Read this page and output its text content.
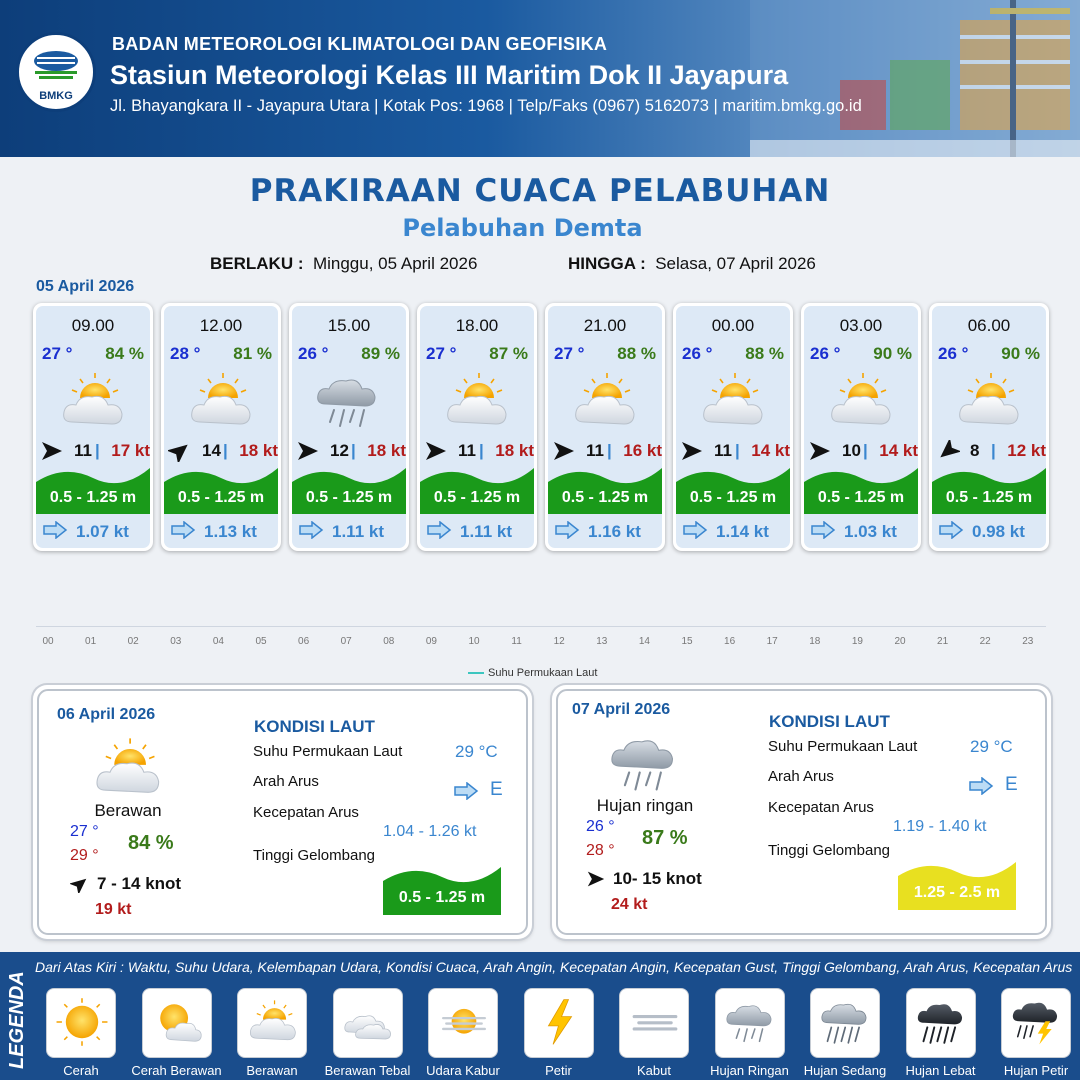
BMKG
BADAN METEOROLOGI KLIMATOLOGI DAN GEOFISIKA
Stasiun Meteorologi Kelas III Maritim Dok II Jayapura
Jl. Bhayangkara II - Jayapura Utara | Kotak Pos: 1968 | Telp/Faks (0967) 5162073 | maritim.bmkg.go.id
PRAKIRAAN CUACA PELABUHAN
Pelabuhan Demta
BERLAKU : Minggu, 05 April 2026	HINGGA : Selasa, 07 April 2026
05 April 2026
09.00
27 ° 84 %
11 | 17 kt
0.5 - 1.25 m
1.07 kt
12.00
28 ° 81 %
14 | 18 kt
0.5 - 1.25 m
1.13 kt
15.00
26 ° 89 %
12 | 18 kt
0.5 - 1.25 m
1.11 kt
18.00
27 ° 87 %
11 | 18 kt
0.5 - 1.25 m
1.11 kt
21.00
27 ° 88 %
11 | 16 kt
0.5 - 1.25 m
1.16 kt
00.00
26 ° 88 %
11 | 14 kt
0.5 - 1.25 m
1.14 kt
03.00
26 ° 90 %
10 | 14 kt
0.5 - 1.25 m
1.03 kt
06.00
26 ° 90 %
8 | 12 kt
0.5 - 1.25 m
0.98 kt
00	01	02	03	04	05	06	07	08	09	10	11	12	13	14	15	16	17	18	19	20	21	22	23
Suhu Permukaan Laut
06 April 2026
Berawan
27 °
29 °
84 %
7 - 14 knot
19 kt
KONDISI LAUT
Suhu Permukaan Laut	29 °C
Arah Arus	E
Kecepatan Arus
1.04 - 1.26 kt
Tinggi Gelombang
0.5 - 1.25 m
07 April 2026
Hujan ringan
26 °
28 °
87 %
10- 15 knot
24 kt
KONDISI LAUT
Suhu Permukaan Laut	29 °C
Arah Arus	E
Kecepatan Arus
1.19 - 1.40 kt
Tinggi Gelombang
1.25 - 2.5 m
LEGENDA
Dari Atas Kiri : Waktu, Suhu Udara, Kelembapan Udara, Kondisi Cuaca, Arah Angin, Kecepatan Angin, Kecepatan Gust, Tinggi Gelombang, Arah Arus, Kecepatan Arus
Cerah	Cerah Berawan	Berawan	Berawan Tebal	Udara Kabur	Petir	Kabut	Hujan Ringan	Hujan Sedang	Hujan Lebat	Hujan Petir
